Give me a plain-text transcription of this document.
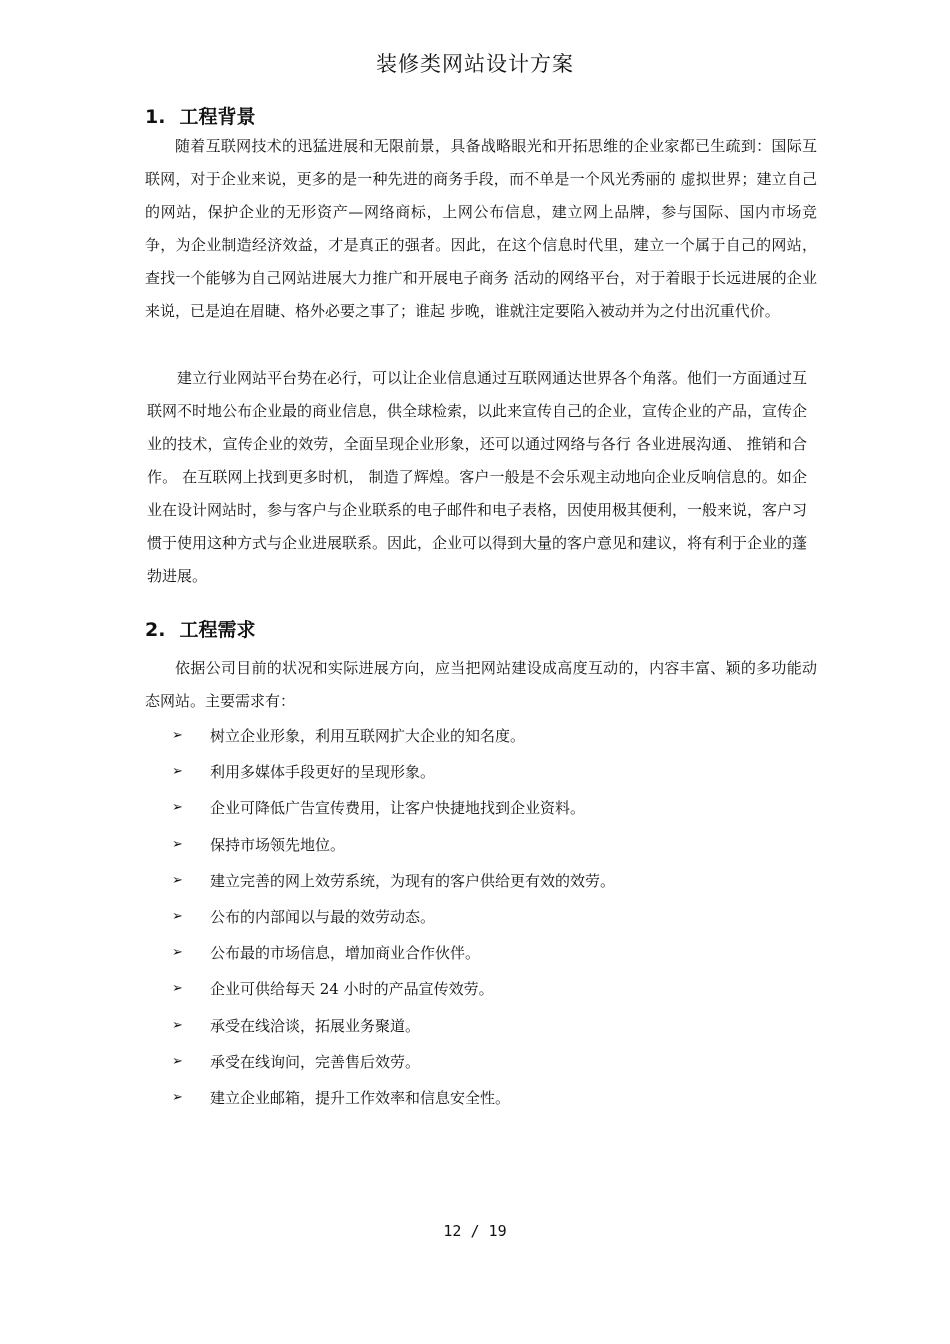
装修类网站设计方案
1. 工程背景

随着互联网技术的迅猛进展和无限前景，具备战略眼光和开拓思维的企业家都已生疏到：国际互联网，对于企业来说，更多的是一种先进的商务手段，而不单是一个风光秀丽的 虚拟世界；建立自己的网站，保护企业的无形资产—网络商标，上网公布信息，建立网上品牌，参与国际、国内市场竞争，为企业制造经济效益，才是真正的强者。因此，在这个信息时代里，建立一个属于自己的网站，查找一个能够为自己网站进展大力推广和开展电子商务 活动的网络平台，对于着眼于长远进展的企业来说，已是迫在眉睫、格外必要之事了；谁起 步晚，谁就注定要陷入被动并为之付出沉重代价。

建立行业网站平台势在必行，可以让企业信息通过互联网通达世界各个角落。他们一方面通过互联网不时地公布企业最的商业信息，供全球检索，以此来宣传自己的企业，宣传企业的产品，宣传企业的技术，宣传企业的效劳，全面呈现企业形象，还可以通过网络与各行 各业进展沟通、 推销和合作。 在互联网上找到更多时机， 制造了辉煌。客户一般是不会乐观主动地向企业反响信息的。如企业在设计网站时，参与客户与企业联系的电子邮件和电子表格，因使用极其便利，一般来说，客户习惯于使用这种方式与企业进展联系。因此，企业可以得到大量的客户意见和建议，将有利于企业的蓬勃进展。

2. 工程需求

依据公司目前的状况和实际进展方向，应当把网站建设成高度互动的，内容丰富、颖的多功能动态网站。主要需求有：

➢	树立企业形象，利用互联网扩大企业的知名度。
➢	利用多媒体手段更好的呈现形象。
➢	企业可降低广告宣传费用，让客户快捷地找到企业资料。
➢	保持市场领先地位。
➢	建立完善的网上效劳系统，为现有的客户供给更有效的效劳。
➢	公布的内部闻以与最的效劳动态。
➢	公布最的市场信息，增加商业合作伙伴。
➢	企业可供给每天 24 小时的产品宣传效劳。
➢	承受在线洽谈，拓展业务聚道。
➢	承受在线询问，完善售后效劳。
➢	建立企业邮箱，提升工作效率和信息安全性。
12 / 19
